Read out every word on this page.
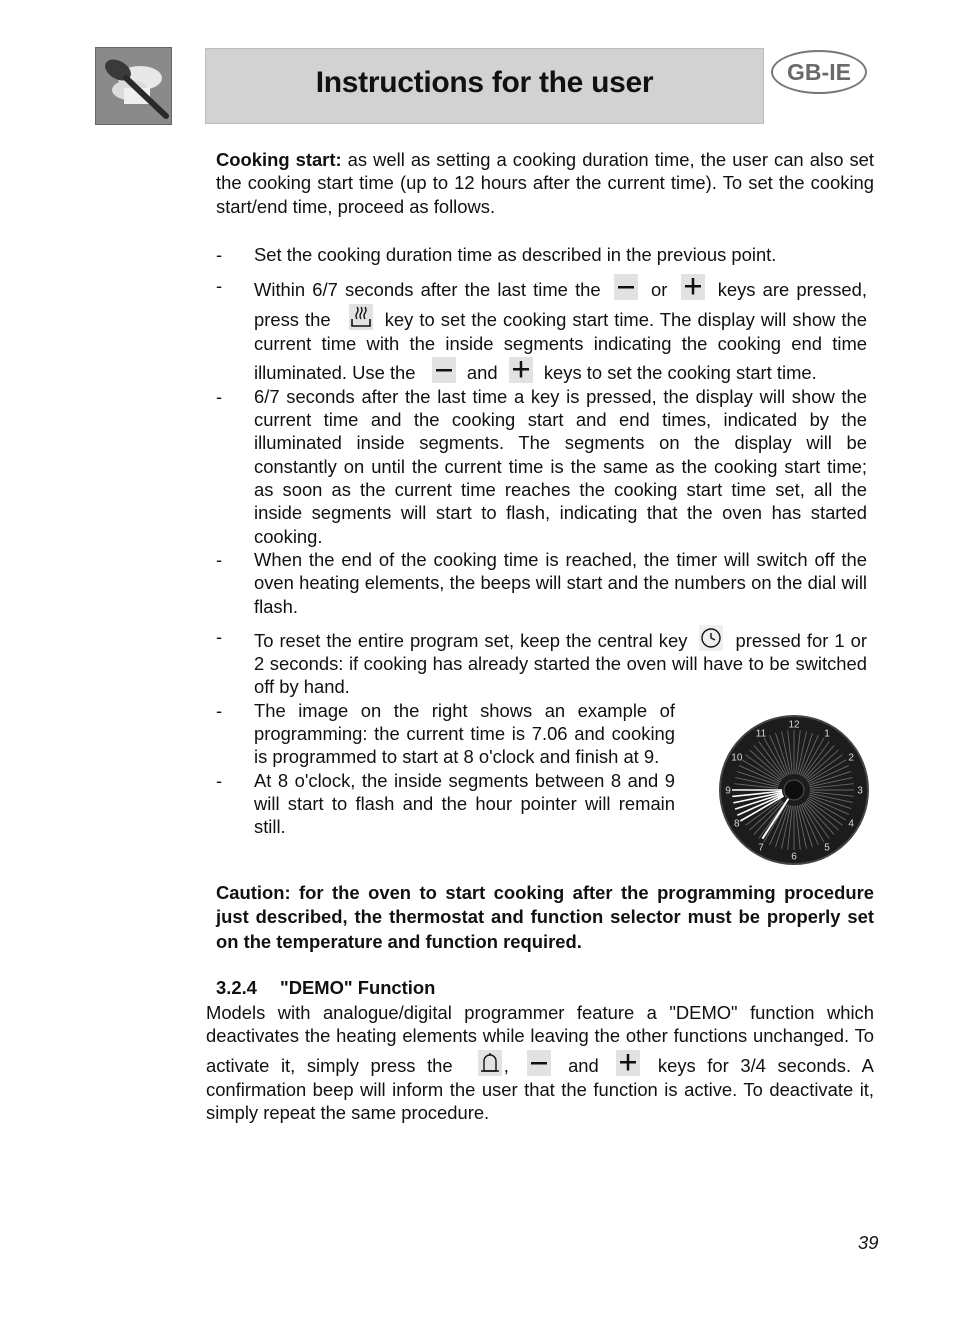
Instructions for the user	GB-IE
Cooking start: as well as setting a cooking duration time, the user can also set the cooking start time (up to 12 hours after the current time). To set the cooking start/end time, proceed as follows.
- Set the cooking duration time as described in the previous point.
- Within 6/7 seconds after the last time the	or	keys are pressed, press the	key to set the cooking start time. The display will show the current time with the inside segments indicating the cooking end time illuminated. Use the	and	keys to set the cooking start time.
- 6/7 seconds after the last time a key is pressed, the display will show the current time and the cooking start and end times, indicated by the illuminated inside segments. The segments on the display will be constantly on until the current time is the same as the cooking start time; as soon as the current time reaches the cooking start time set, all the inside segments will start to flash, indicating that the oven has started cooking.
- When the end of the cooking time is reached, the timer will switch off the oven heating elements, the beeps will start and the numbers on the dial will flash.
- To reset the entire program set, keep the central key	pressed for 1 or 2 seconds: if cooking has already started the oven will have to be switched off by hand.
- The image on the right shows an example of programming: the current time is 7.06 and cooking is programmed to start at 8 o'clock and finish at 9.
- At 8 o'clock, the inside segments between 8 and 9 will start to flash and the hour pointer will remain still.
12
1
2
3
4
5
6
7
8
9
10
11
Caution: for the oven to start cooking after the programming procedure just described, the thermostat and function selector must be properly set on the temperature and function required.
3.2.4 "DEMO" Function
Models with analogue/digital programmer feature a "DEMO" function which deactivates the heating elements while leaving the other functions unchanged. To activate it, simply press the	,	and	keys for 3/4 seconds. A confirmation beep will inform the user that the function is active. To deactivate it, simply repeat the same procedure.
39
